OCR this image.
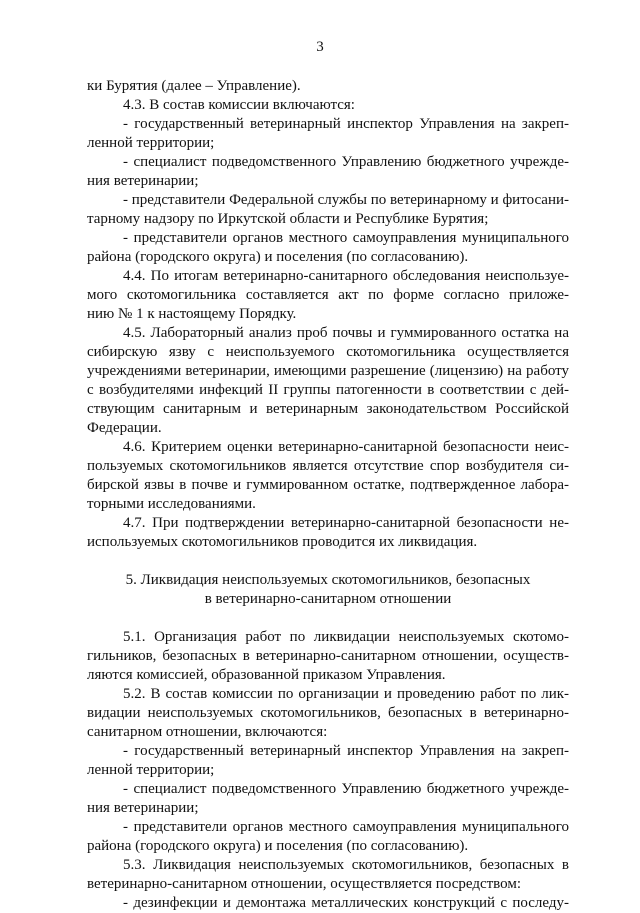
3
ки Бурятия (далее – Управление).
4.3. В состав комиссии включаются:
- государственный ветеринарный инспектор Управления на закреп-
ленной территории;
- специалист подведомственного Управлению бюджетного учрежде-
ния ветеринарии;
- представители Федеральной службы по ветеринарному и фитосани-
тарному надзору по Иркутской области и Республике Бурятия;
- представители органов местного самоуправления муниципального
района (городского округа) и поселения (по согласованию).
4.4. По итогам ветеринарно-санитарного обследования неиспользуе-
мого скотомогильника составляется акт по форме согласно приложе-
нию № 1 к настоящему Порядку.
4.5. Лабораторный анализ проб почвы и гуммированного остатка на
сибирскую язву с неиспользуемого скотомогильника осуществляется
учреждениями ветеринарии, имеющими разрешение (лицензию) на работу
с возбудителями инфекций II группы патогенности в соответствии с дей-
ствующим санитарным и ветеринарным законодательством Российской
Федерации.
4.6. Критерием оценки ветеринарно-санитарной безопасности неис-
пользуемых скотомогильников является отсутствие спор возбудителя си-
бирской язвы в почве и гуммированном остатке, подтвержденное лабора-
торными исследованиями.
4.7. При подтверждении ветеринарно-санитарной безопасности не-
используемых скотомогильников проводится их ликвидация.
5. Ликвидация неиспользуемых скотомогильников, безопасных
в ветеринарно-санитарном отношении
5.1. Организация работ по ликвидации неиспользуемых скотомо-
гильников, безопасных в ветеринарно-санитарном отношении, осуществ-
ляются комиссией, образованной приказом Управления.
5.2. В состав комиссии по организации и проведению работ по лик-
видации неиспользуемых скотомогильников, безопасных в ветеринарно-
санитарном отношении, включаются:
- государственный ветеринарный инспектор Управления на закреп-
ленной территории;
- специалист подведомственного Управлению бюджетного учрежде-
ния ветеринарии;
- представители органов местного самоуправления муниципального
района (городского округа) и поселения (по согласованию).
5.3. Ликвидация неиспользуемых скотомогильников, безопасных в
ветеринарно-санитарном отношении, осуществляется посредством:
- дезинфекции и демонтажа металлических конструкций с последу-
